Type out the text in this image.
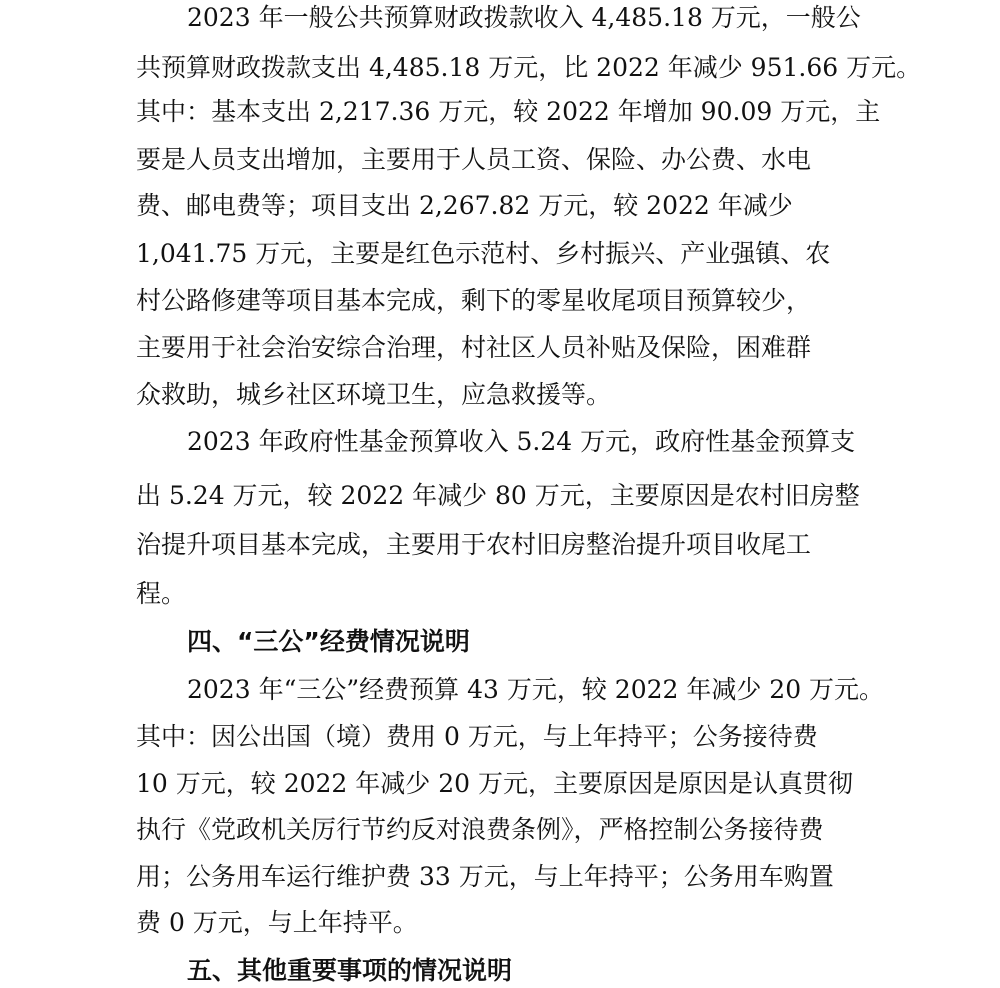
2023 年一般公共预算财政拨款收入 4,485.18 万元，一般公
共预算财政拨款支出 4,485.18 万元，比 2022 年减少 951.66 万元。
其中：基本支出 2,217.36 万元，较 2022 年增加 90.09 万元，主
要是人员支出增加，主要用于人员工资、保险、办公费、水电
费、邮电费等；项目支出 2,267.82 万元，较 2022 年减少
1,041.75 万元，主要是红色示范村、乡村振兴、产业强镇、农
村公路修建等项目基本完成，剩下的零星收尾项目预算较少，
主要用于社会治安综合治理，村社区人员补贴及保险，困难群
众救助，城乡社区环境卫生，应急救援等。
2023 年政府性基金预算收入 5.24 万元，政府性基金预算支
出 5.24 万元，较 2022 年减少 80 万元，主要原因是农村旧房整
治提升项目基本完成，主要用于农村旧房整治提升项目收尾工
程。
四、“三公”经费情况说明
2023 年“三公”经费预算 43 万元，较 2022 年减少 20 万元。
其中：因公出国（境）费用 0 万元，与上年持平；公务接待费
10 万元，较 2022 年减少 20 万元，主要原因是原因是认真贯彻
执行《党政机关厉行节约反对浪费条例》，严格控制公务接待费
用；公务用车运行维护费 33 万元，与上年持平；公务用车购置
费 0 万元，与上年持平。
五、其他重要事项的情况说明
